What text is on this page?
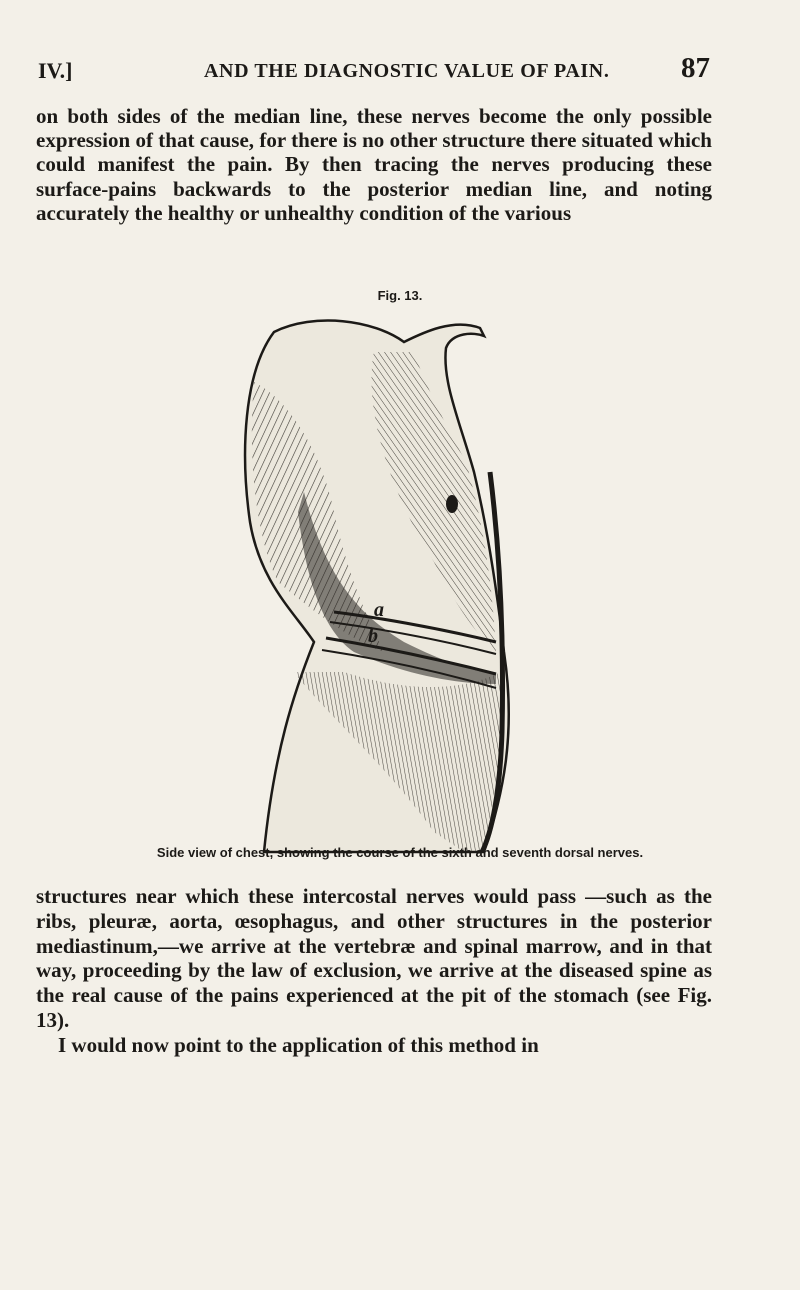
IV.]	AND THE DIAGNOSTIC VALUE OF PAIN. 87

on both sides of the median line, these nerves become the only possible expression of that cause, for there is no other structure there situated which could manifest the pain. By then tracing the nerves producing these surface-pains backwards to the posterior median line, and noting accurately the healthy or unhealthy condition of the various

Fig. 13.
a
b
Side view of chest, showing the course of the sixth and seventh dorsal nerves.

structures near which these intercostal nerves would pass —such as the ribs, pleuræ, aorta, œsophagus, and other structures in the posterior mediastinum,—we arrive at the vertebræ and spinal marrow, and in that way, proceeding by the law of exclusion, we arrive at the diseased spine as the real cause of the pains experienced at the pit of the stomach (see Fig. 13).
I would now point to the application of this method in
